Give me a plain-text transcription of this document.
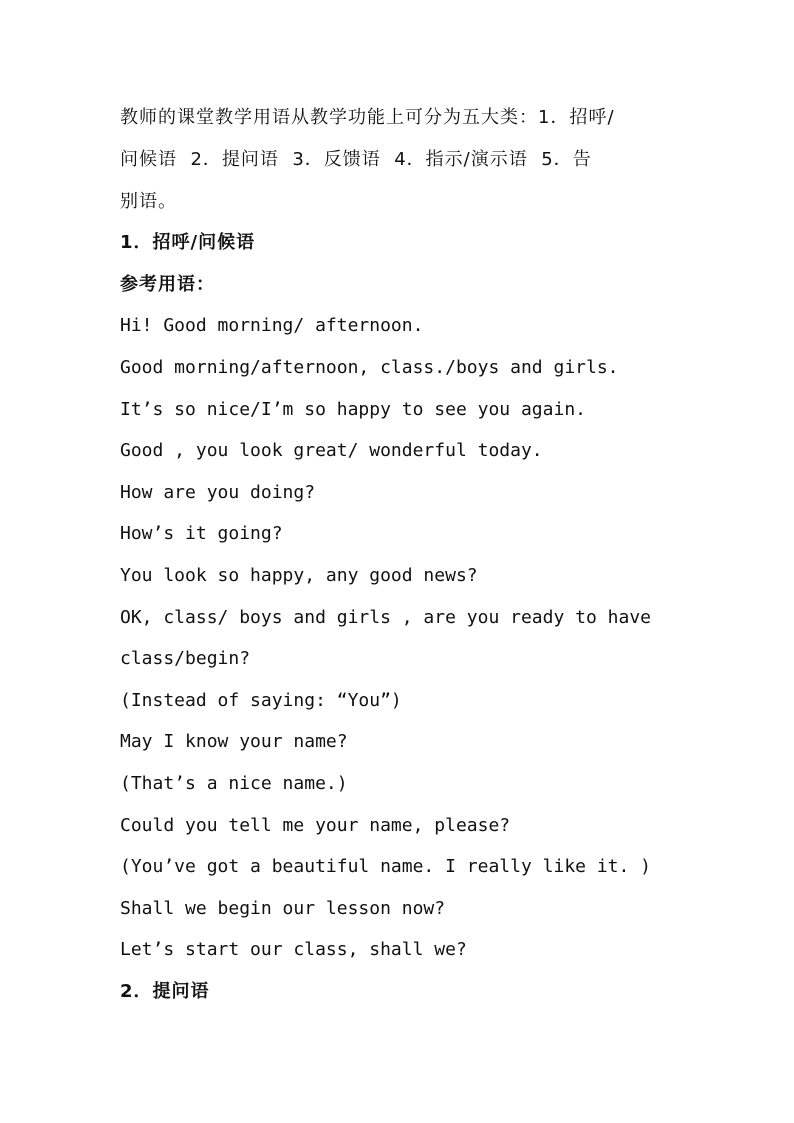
教师的课堂教学用语从教学功能上可分为五大类：1．招呼/

问候语  2．提问语  3．反馈语  4．指示/演示语  5．告

别语。

1．招呼/问候语

参考用语：

Hi! Good morning/ afternoon.

Good morning/afternoon, class./boys and girls.

It’s so nice/I’m so happy to see you again.

Good , you look great/ wonderful today.

How are you doing?

How’s it going?

You look so happy, any good news?

OK, class/ boys and girls , are you ready to have

class/begin?

(Instead of saying: “You”)

May I know your name?

(That’s a nice name.)

Could you tell me your name, please?

(You’ve got a beautiful name. I really like it. )

Shall we begin our lesson now?

Let’s start our class, shall we?

2．提问语
